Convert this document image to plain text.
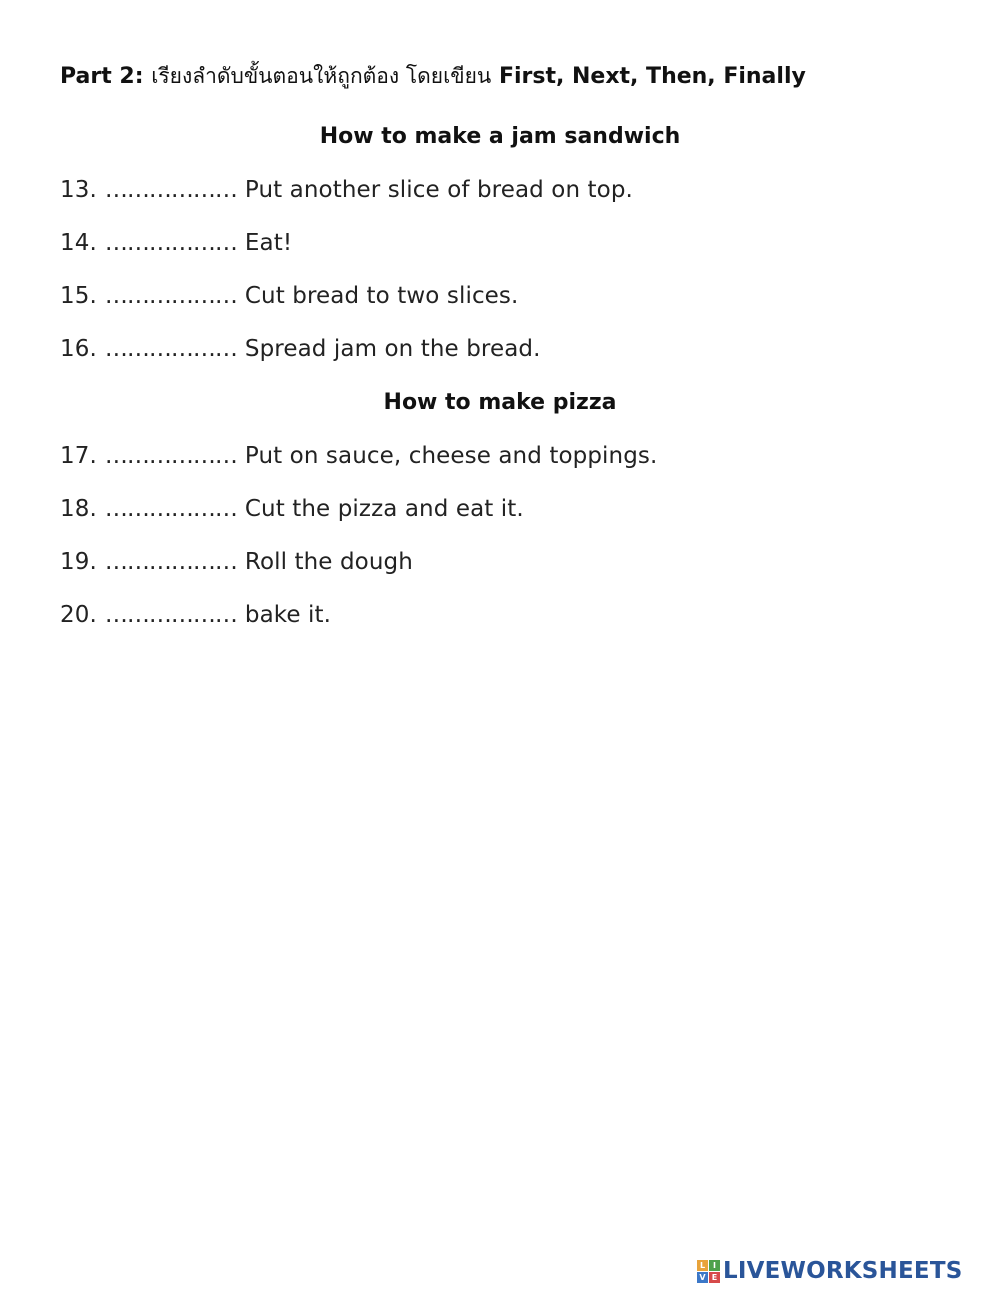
Part 2: เรียงลำดับขั้นตอนให้ถูกต้อง โดยเขียน First, Next, Then, Finally
How to make a jam sandwich
13. ……………… Put another slice of bread on top.
14. ……………… Eat!
15. ……………… Cut bread to two slices.
16. ……………… Spread jam on the bread.
How to make pizza
17. ……………… Put on sauce, cheese and toppings.
18. ……………… Cut the pizza and eat it.
19. ……………… Roll the dough
20. ……………… bake it.
L I
V E LIVEWORKSHEETS
